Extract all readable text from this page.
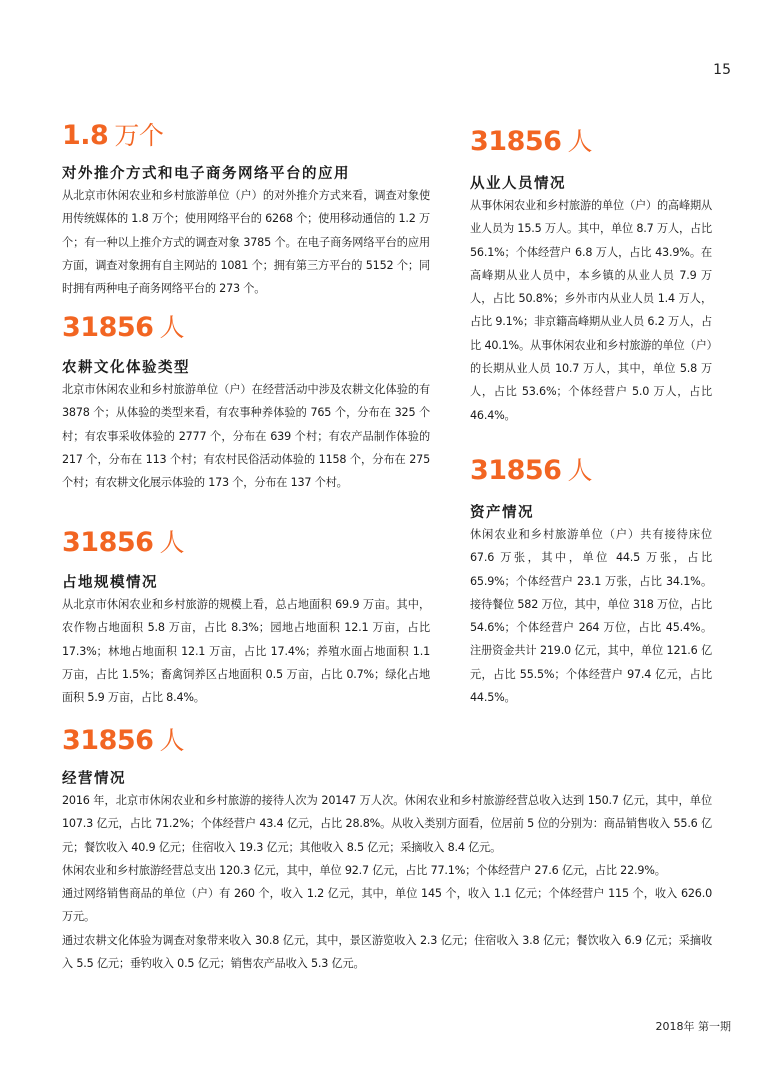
15
1.8 万个
对外推介方式和电子商务网络平台的应用
从北京市休闲农业和乡村旅游单位（户）的对外推介方式来看，调查对象使用传统媒体的 1.8 万个；使用网络平台的 6268 个；使用移动通信的 1.2 万个；有一种以上推介方式的调查对象 3785 个。在电子商务网络平台的应用方面，调查对象拥有自主网站的 1081 个；拥有第三方平台的 5152 个；同时拥有两种电子商务网络平台的 273 个。
31856 人
农耕文化体验类型
北京市休闲农业和乡村旅游单位（户）在经营活动中涉及农耕文化体验的有 3878 个；从体验的类型来看，有农事种养体验的 765 个，分布在 325 个村；有农事采收体验的 2777 个，分布在 639 个村；有农产品制作体验的 217 个，分布在 113 个村；有农村民俗活动体验的 1158 个，分布在 275 个村；有农耕文化展示体验的 173 个，分布在 137 个村。
31856 人
占地规模情况
从北京市休闲农业和乡村旅游的规模上看，总占地面积 69.9 万亩。其中，农作物占地面积 5.8 万亩，占比 8.3%；园地占地面积 12.1 万亩，占比 17.3%；林地占地面积 12.1 万亩，占比 17.4%；养殖水面占地面积 1.1 万亩，占比 1.5%；畜禽饲养区占地面积 0.5 万亩，占比 0.7%；绿化占地面积 5.9 万亩，占比 8.4%。
31856 人
从业人员情况
从事休闲农业和乡村旅游的单位（户）的高峰期从业人员为 15.5 万人。其中，单位 8.7 万人，占比 56.1%；个体经营户 6.8 万人，占比 43.9%。在高峰期从业人员中，本乡镇的从业人员 7.9 万人，占比 50.8%；乡外市内从业人员 1.4 万人，占比 9.1%；非京籍高峰期从业人员 6.2 万人，占比 40.1%。从事休闲农业和乡村旅游的单位（户）的长期从业人员 10.7 万人，其中，单位 5.8 万人，占比 53.6%；个体经营户 5.0 万人，占比 46.4%。
31856 人
资产情况
休闲农业和乡村旅游单位（户）共有接待床位 67.6 万张，其中，单位 44.5 万张，占比 65.9%；个体经营户 23.1 万张，占比 34.1%。接待餐位 582 万位，其中，单位 318 万位，占比 54.6%；个体经营户 264 万位，占比 45.4%。注册资金共计 219.0 亿元，其中，单位 121.6 亿元，占比 55.5%；个体经营户 97.4 亿元，占比 44.5%。
31856 人
经营情况

2016 年，北京市休闲农业和乡村旅游的接待人次为 20147 万人次。休闲农业和乡村旅游经营总收入达到 150.7 亿元，其中，单位 107.3 亿元，占比 71.2%；个体经营户 43.4 亿元，占比 28.8%。从收入类别方面看，位居前 5 位的分别为：商品销售收入 55.6 亿元；餐饮收入 40.9 亿元；住宿收入 19.3 亿元；其他收入 8.5 亿元；采摘收入 8.4 亿元。

休闲农业和乡村旅游经营总支出 120.3 亿元，其中，单位 92.7 亿元，占比 77.1%；个体经营户 27.6 亿元，占比 22.9%。

通过网络销售商品的单位（户）有 260 个，收入 1.2 亿元，其中，单位 145 个，收入 1.1 亿元；个体经营户 115 个，收入 626.0 万元。

通过农耕文化体验为调查对象带来收入 30.8 亿元，其中，景区游览收入 2.3 亿元；住宿收入 3.8 亿元；餐饮收入 6.9 亿元；采摘收入 5.5 亿元；垂钓收入 0.5 亿元；销售农产品收入 5.3 亿元。

2018年 第一期
